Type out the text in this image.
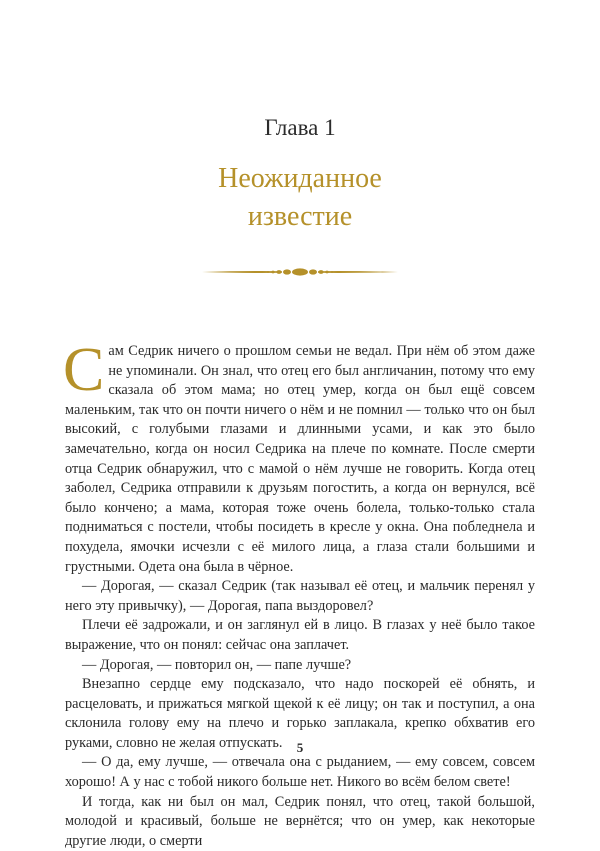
Глава 1
Неожиданное
известие

Сам Седрик ничего о прошлом семьи не ведал. При нём об этом даже не упоминали. Он знал, что отец его был англичанин, потому что ему сказала об этом мама; но отец умер, когда он был ещё совсем маленьким, так что он почти ничего о нём и не помнил — только что он был высокий, с голубыми глазами и длинными усами, и как это было замечательно, когда он носил Седрика на плече по комнате. После смерти отца Седрик обнаружил, что с мамой о нём лучше не говорить. Когда отец заболел, Седрика отправили к друзьям погостить, а когда он вернулся, всё было кончено; а мама, которая тоже очень болела, только-только стала подниматься с постели, чтобы посидеть в кресле у окна. Она побледнела и похудела, ямочки исчезли с её милого лица, а глаза стали большими и грустными. Одета она была в чёрное.

— Дорогая, — сказал Седрик (так называл её отец, и мальчик перенял у него эту привычку), — Дорогая, папа выздоровел?

Плечи её задрожали, и он заглянул ей в лицо. В глазах у неё было такое выражение, что он понял: сейчас она заплачет.

— Дорогая, — повторил он, — папе лучше?

Внезапно сердце ему подсказало, что надо поскорей её обнять, и расцеловать, и прижаться мягкой щекой к её лицу; он так и поступил, а она склонила голову ему на плечо и горько заплакала, крепко обхватив его руками, словно не желая отпускать.

— О да, ему лучше, — отвечала она с рыданием, — ему совсем, совсем хорошо! А у нас с тобой никого больше нет. Никого во всём белом свете!

И тогда, как ни был он мал, Седрик понял, что отец, такой большой, молодой и красивый, больше не вернётся; что он умер, как некоторые другие люди, о смерти

5
